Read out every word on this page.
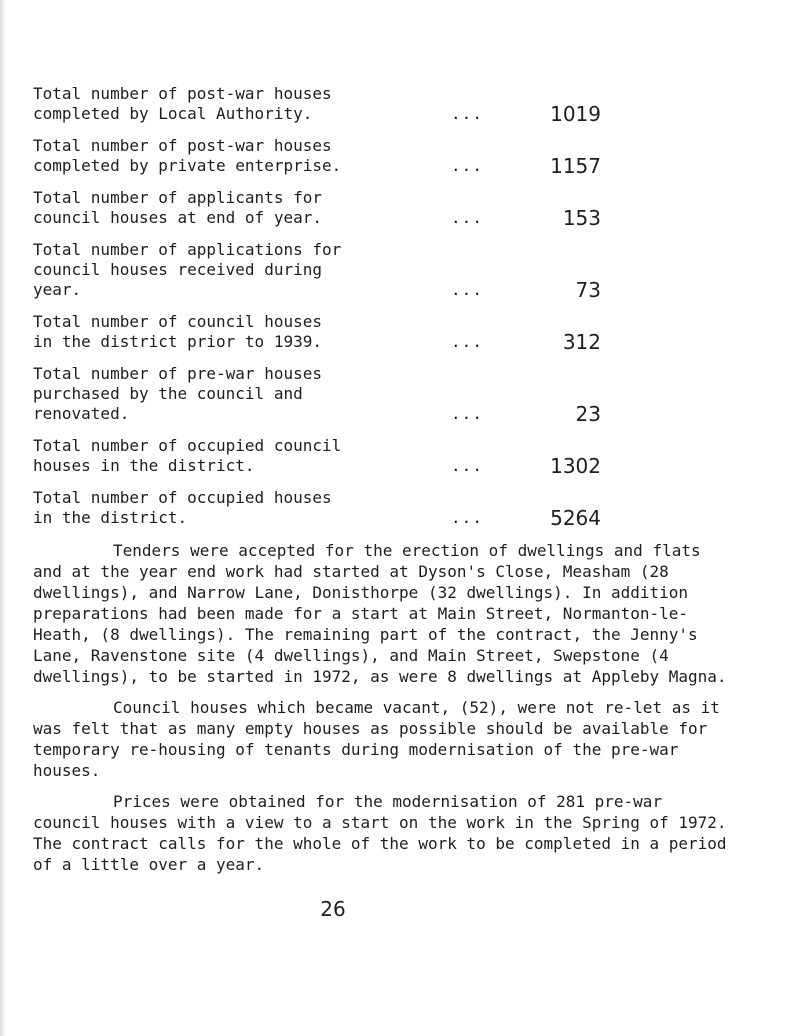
Total number of post-war houses
completed by Local Authority.	...	1019
Total number of post-war houses
completed by private enterprise.	...	1157
Total number of applicants for
council houses at end of year.	...	153
Total number of applications for
council houses received during
year.	...	73
Total number of council houses
in the district prior to 1939.	...	312
Total number of pre-war houses
purchased by the council and
renovated.	...	23
Total number of occupied council
houses in the district.	...	1302
Total number of occupied houses
in the district.	...	5264

Tenders were accepted for the erection of dwellings and flats and at the year end work had started at Dyson's Close, Measham (28 dwellings), and Narrow Lane, Donisthorpe (32 dwellings). In addition preparations had been made for a start at Main Street, Normanton-le-Heath, (8 dwellings). The remaining part of the contract, the Jenny's Lane, Ravenstone site (4 dwellings), and Main Street, Swepstone (4 dwellings), to be started in 1972, as were 8 dwellings at Appleby Magna.

Council houses which became vacant, (52), were not re-let as it was felt that as many empty houses as possible should be available for temporary re-housing of tenants during modernisation of the pre-war houses.

Prices were obtained for the modernisation of 281 pre-war council houses with a view to a start on the work in the Spring of 1972. The contract calls for the whole of the work to be completed in a period of a little over a year.

26
